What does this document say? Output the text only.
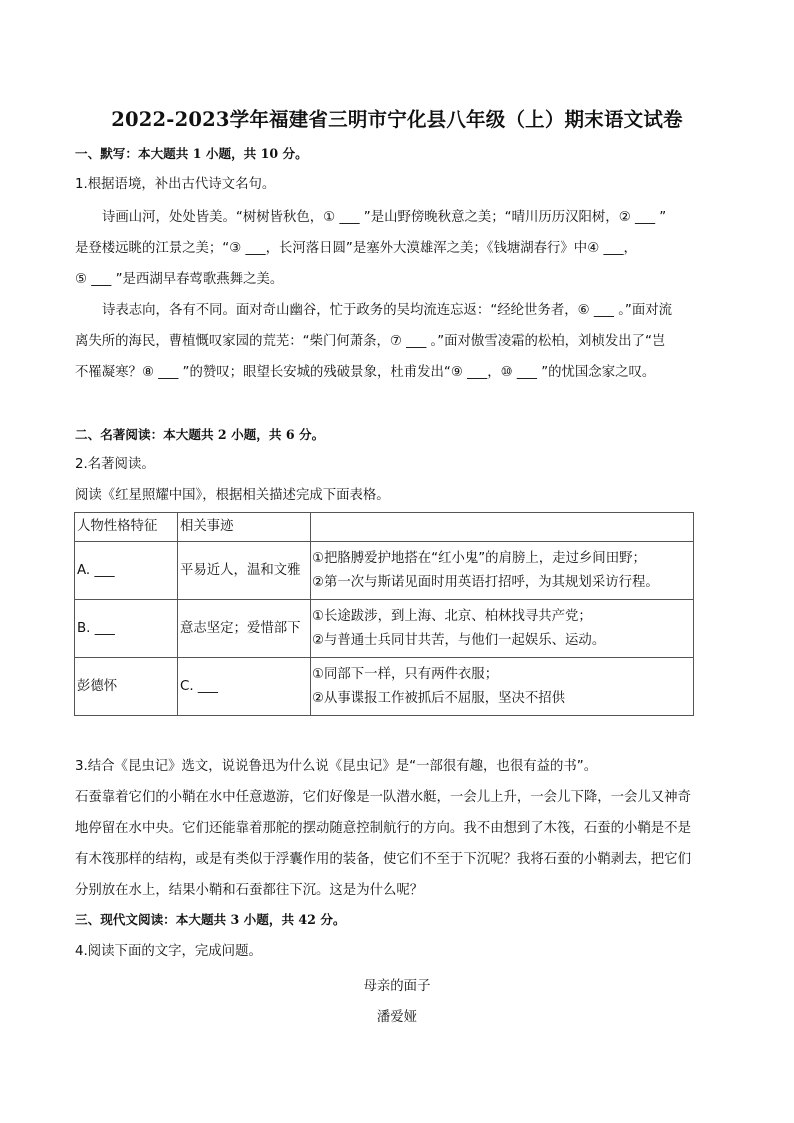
2022-2023学年福建省三明市宁化县八年级（上）期末语文试卷
一、默写：本大题共 1 小题，共 10 分。
1.根据语境，补出古代诗文名句。

诗画山河，处处皆美。“树树皆秋色，① ___ ”是山野傍晚秋意之美；“晴川历历汉阳树，② ___ ”

是登楼远眺的江景之美；“③ ___，长河落日圆”是塞外大漠雄浑之美；《钱塘湖春行》中④ ___，

⑤ ___ ”是西湖早春莺歌燕舞之美。

诗表志向，各有不同。面对奇山幽谷，忙于政务的吴均流连忘返：“经纶世务者，⑥ ___ 。”面对流

离失所的海民，曹植慨叹家园的荒芜：“柴门何萧条，⑦ ___ 。”面对傲雪凌霜的松柏，刘桢发出了“岂

不罹凝寒？⑧ ___ ”的赞叹；眼望长安城的残破景象，杜甫发出“⑨ ___，⑩ ___ ”的忧国念家之叹。

二、名著阅读：本大题共 2 小题，共 6 分。
2.名著阅读。
阅读《红星照耀中国》，根据相关描述完成下面表格。
人物性格特征	相关事迹	
A. ___	平易近人，温和文雅	①把胳膊爱护地搭在“红小鬼”的肩膀上，走过乡间田野；
②第一次与斯诺见面时用英语打招呼，为其规划采访行程。

B. ___	意志坚定；爱惜部下	①长途跋涉，到上海、北京、柏林找寻共产党；
②与普通士兵同甘共苦，与他们一起娱乐、运动。

彭德怀	C. ___	①同部下一样，只有两件衣服；
②从事谍报工作被抓后不屈服，坚决不招供
3.结合《昆虫记》选文，说说鲁迅为什么说《昆虫记》是“一部很有趣，也很有益的书”。

石蚕靠着它们的小鞘在水中任意遨游，它们好像是一队潜水艇，一会儿上升，一会儿下降，一会儿又神奇

地停留在水中央。它们还能靠着那舵的摆动随意控制航行的方向。我不由想到了木筏，石蚕的小鞘是不是

有木筏那样的结构，或是有类似于浮囊作用的装备，使它们不至于下沉呢？我将石蚕的小鞘剥去，把它们

分别放在水上，结果小鞘和石蚕都往下沉。这是为什么呢？

三、现代文阅读：本大题共 3 小题，共 42 分。
4.阅读下面的文字，完成问题。
母亲的面子
潘爱娅
